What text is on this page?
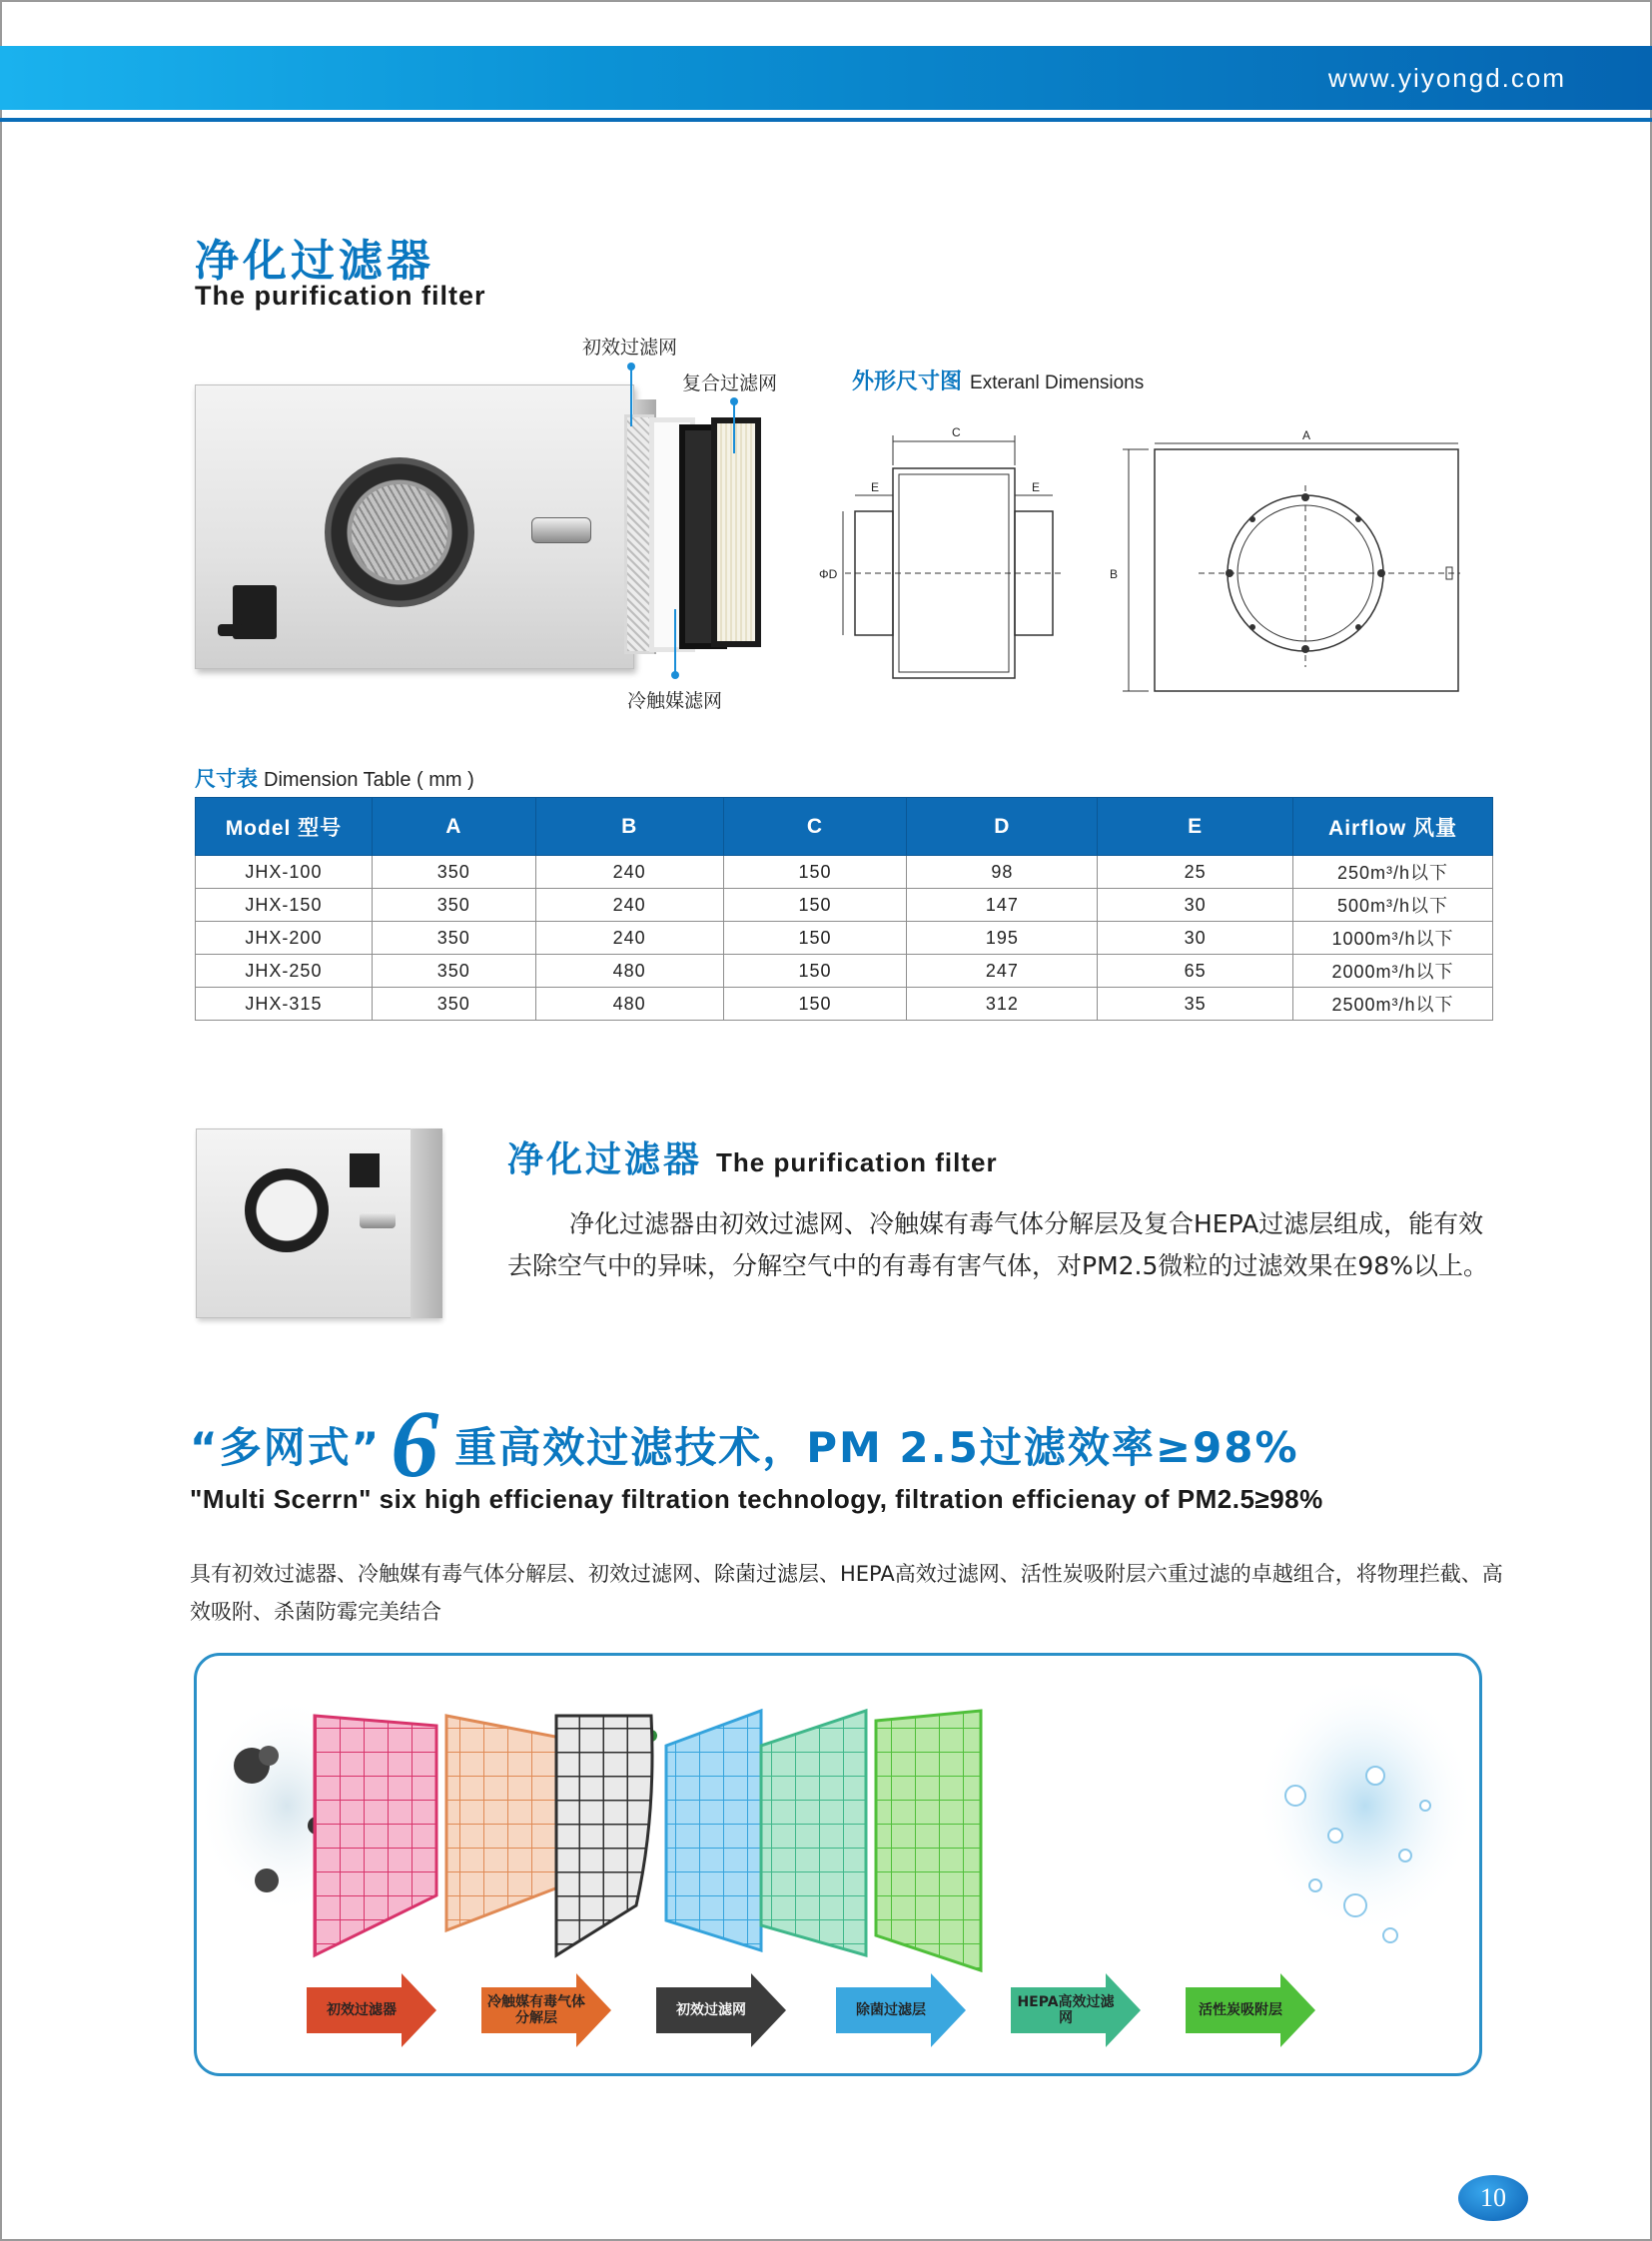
www.yiyongd.com
净化过滤器
The purification filter
初效过滤网
复合过滤网
冷触媒滤网
外形尺寸图 Exteranl Dimensions
C
E	E
ΦD
A
B
尺寸表 Dimension Table ( mm )
Model 型号	A	B	C	D	E	Airflow 风量
JHX-100	350	240	150	98	25	250m³/h以下
JHX-150	350	240	150	147	30	500m³/h以下
JHX-200	350	240	150	195	30	1000m³/h以下
JHX-250	350	480	150	247	65	2000m³/h以下
JHX-315	350	480	150	312	35	2500m³/h以下
净化过滤器 The purification filter
净化过滤器由初效过滤网、冷触媒有毒气体分解层及复合HEPA过滤层组成，能有效去除空气中的异味，分解空气中的有毒有害气体，对PM2.5微粒的过滤效果在98%以上。
“多网式” 6 重高效过滤技术，PM 2.5过滤效率≥98%
"Multi Scerrn" six high efficienay filtration technology, filtration efficienay of PM2.5≥98%
具有初效过滤器、冷触媒有毒气体分解层、初效过滤网、除菌过滤层、HEPA高效过滤网、活性炭吸附层六重过滤的卓越组合，将物理拦截、高效吸附、杀菌防霉完美结合
初效过滤器	冷触媒有毒气体分解层	初效过滤网	除菌过滤层	HEPA高效过滤网	活性炭吸附层
10
